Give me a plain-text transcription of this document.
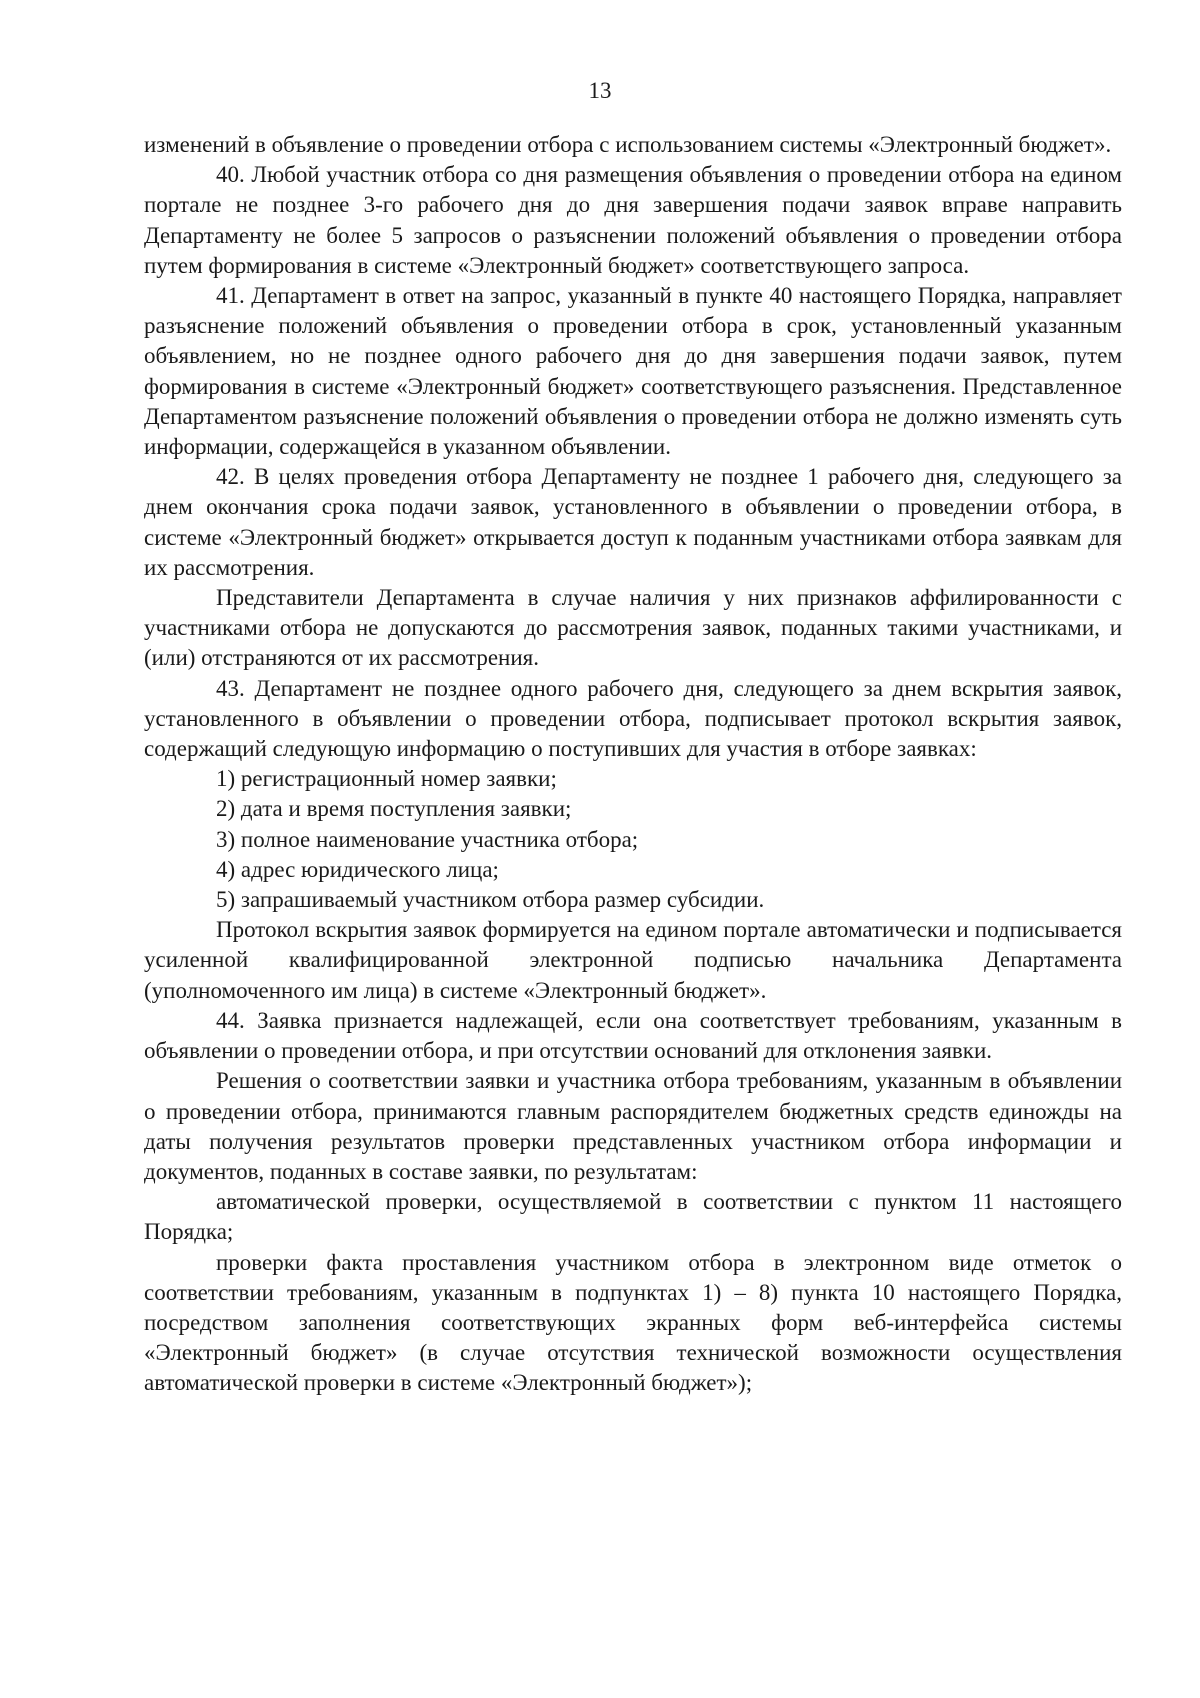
13

изменений в объявление о проведении отбора с использованием системы «Электронный бюджет».

40. Любой участник отбора со дня размещения объявления о проведении отбора на едином портале не позднее 3-го рабочего дня до дня завершения подачи заявок вправе направить Департаменту не более 5 запросов о разъяснении положений объявления о проведении отбора путем формирования в системе «Электронный бюджет» соответствующего запроса.

41. Департамент в ответ на запрос, указанный в пункте 40 настоящего Порядка, направляет разъяснение положений объявления о проведении отбора в срок, установленный указанным объявлением, но не позднее одного рабочего дня до дня завершения подачи заявок, путем формирования в системе «Электронный бюджет» соответствующего разъяснения. Представленное Департаментом разъяснение положений объявления о проведении отбора не должно изменять суть информации, содержащейся в указанном объявлении.

42. В целях проведения отбора Департаменту не позднее 1 рабочего дня, следующего за днем окончания срока подачи заявок, установленного в объявлении о проведении отбора, в системе «Электронный бюджет» открывается доступ к поданным участниками отбора заявкам для их рассмотрения.

Представители Департамента в случае наличия у них признаков аффилированности с участниками отбора не допускаются до рассмотрения заявок, поданных такими участниками, и (или) отстраняются от их рассмотрения.

43. Департамент не позднее одного рабочего дня, следующего за днем вскрытия заявок, установленного в объявлении о проведении отбора, подписывает протокол вскрытия заявок, содержащий следующую информацию о поступивших для участия в отборе заявках:

1) регистрационный номер заявки;

2) дата и время поступления заявки;

3) полное наименование участника отбора;

4) адрес юридического лица;

5) запрашиваемый участником отбора размер субсидии.

Протокол вскрытия заявок формируется на едином портале автоматически и подписывается усиленной квалифицированной электронной подписью начальника Департамента (уполномоченного им лица) в системе «Электронный бюджет».

44. Заявка признается надлежащей, если она соответствует требованиям, указанным в объявлении о проведении отбора, и при отсутствии оснований для отклонения заявки.

Решения о соответствии заявки и участника отбора требованиям, указанным в объявлении о проведении отбора, принимаются главным распорядителем бюджетных средств единожды на даты получения результатов проверки представленных участником отбора информации и документов, поданных в составе заявки, по результатам:

автоматической проверки, осуществляемой в соответствии с пунктом 11 настоящего Порядка;

проверки факта проставления участником отбора в электронном виде отметок о соответствии требованиям, указанным в подпунктах 1) – 8) пункта 10 настоящего Порядка, посредством заполнения соответствующих экранных форм веб-интерфейса системы «Электронный бюджет» (в случае отсутствия технической возможности осуществления автоматической проверки в системе «Электронный бюджет»);
